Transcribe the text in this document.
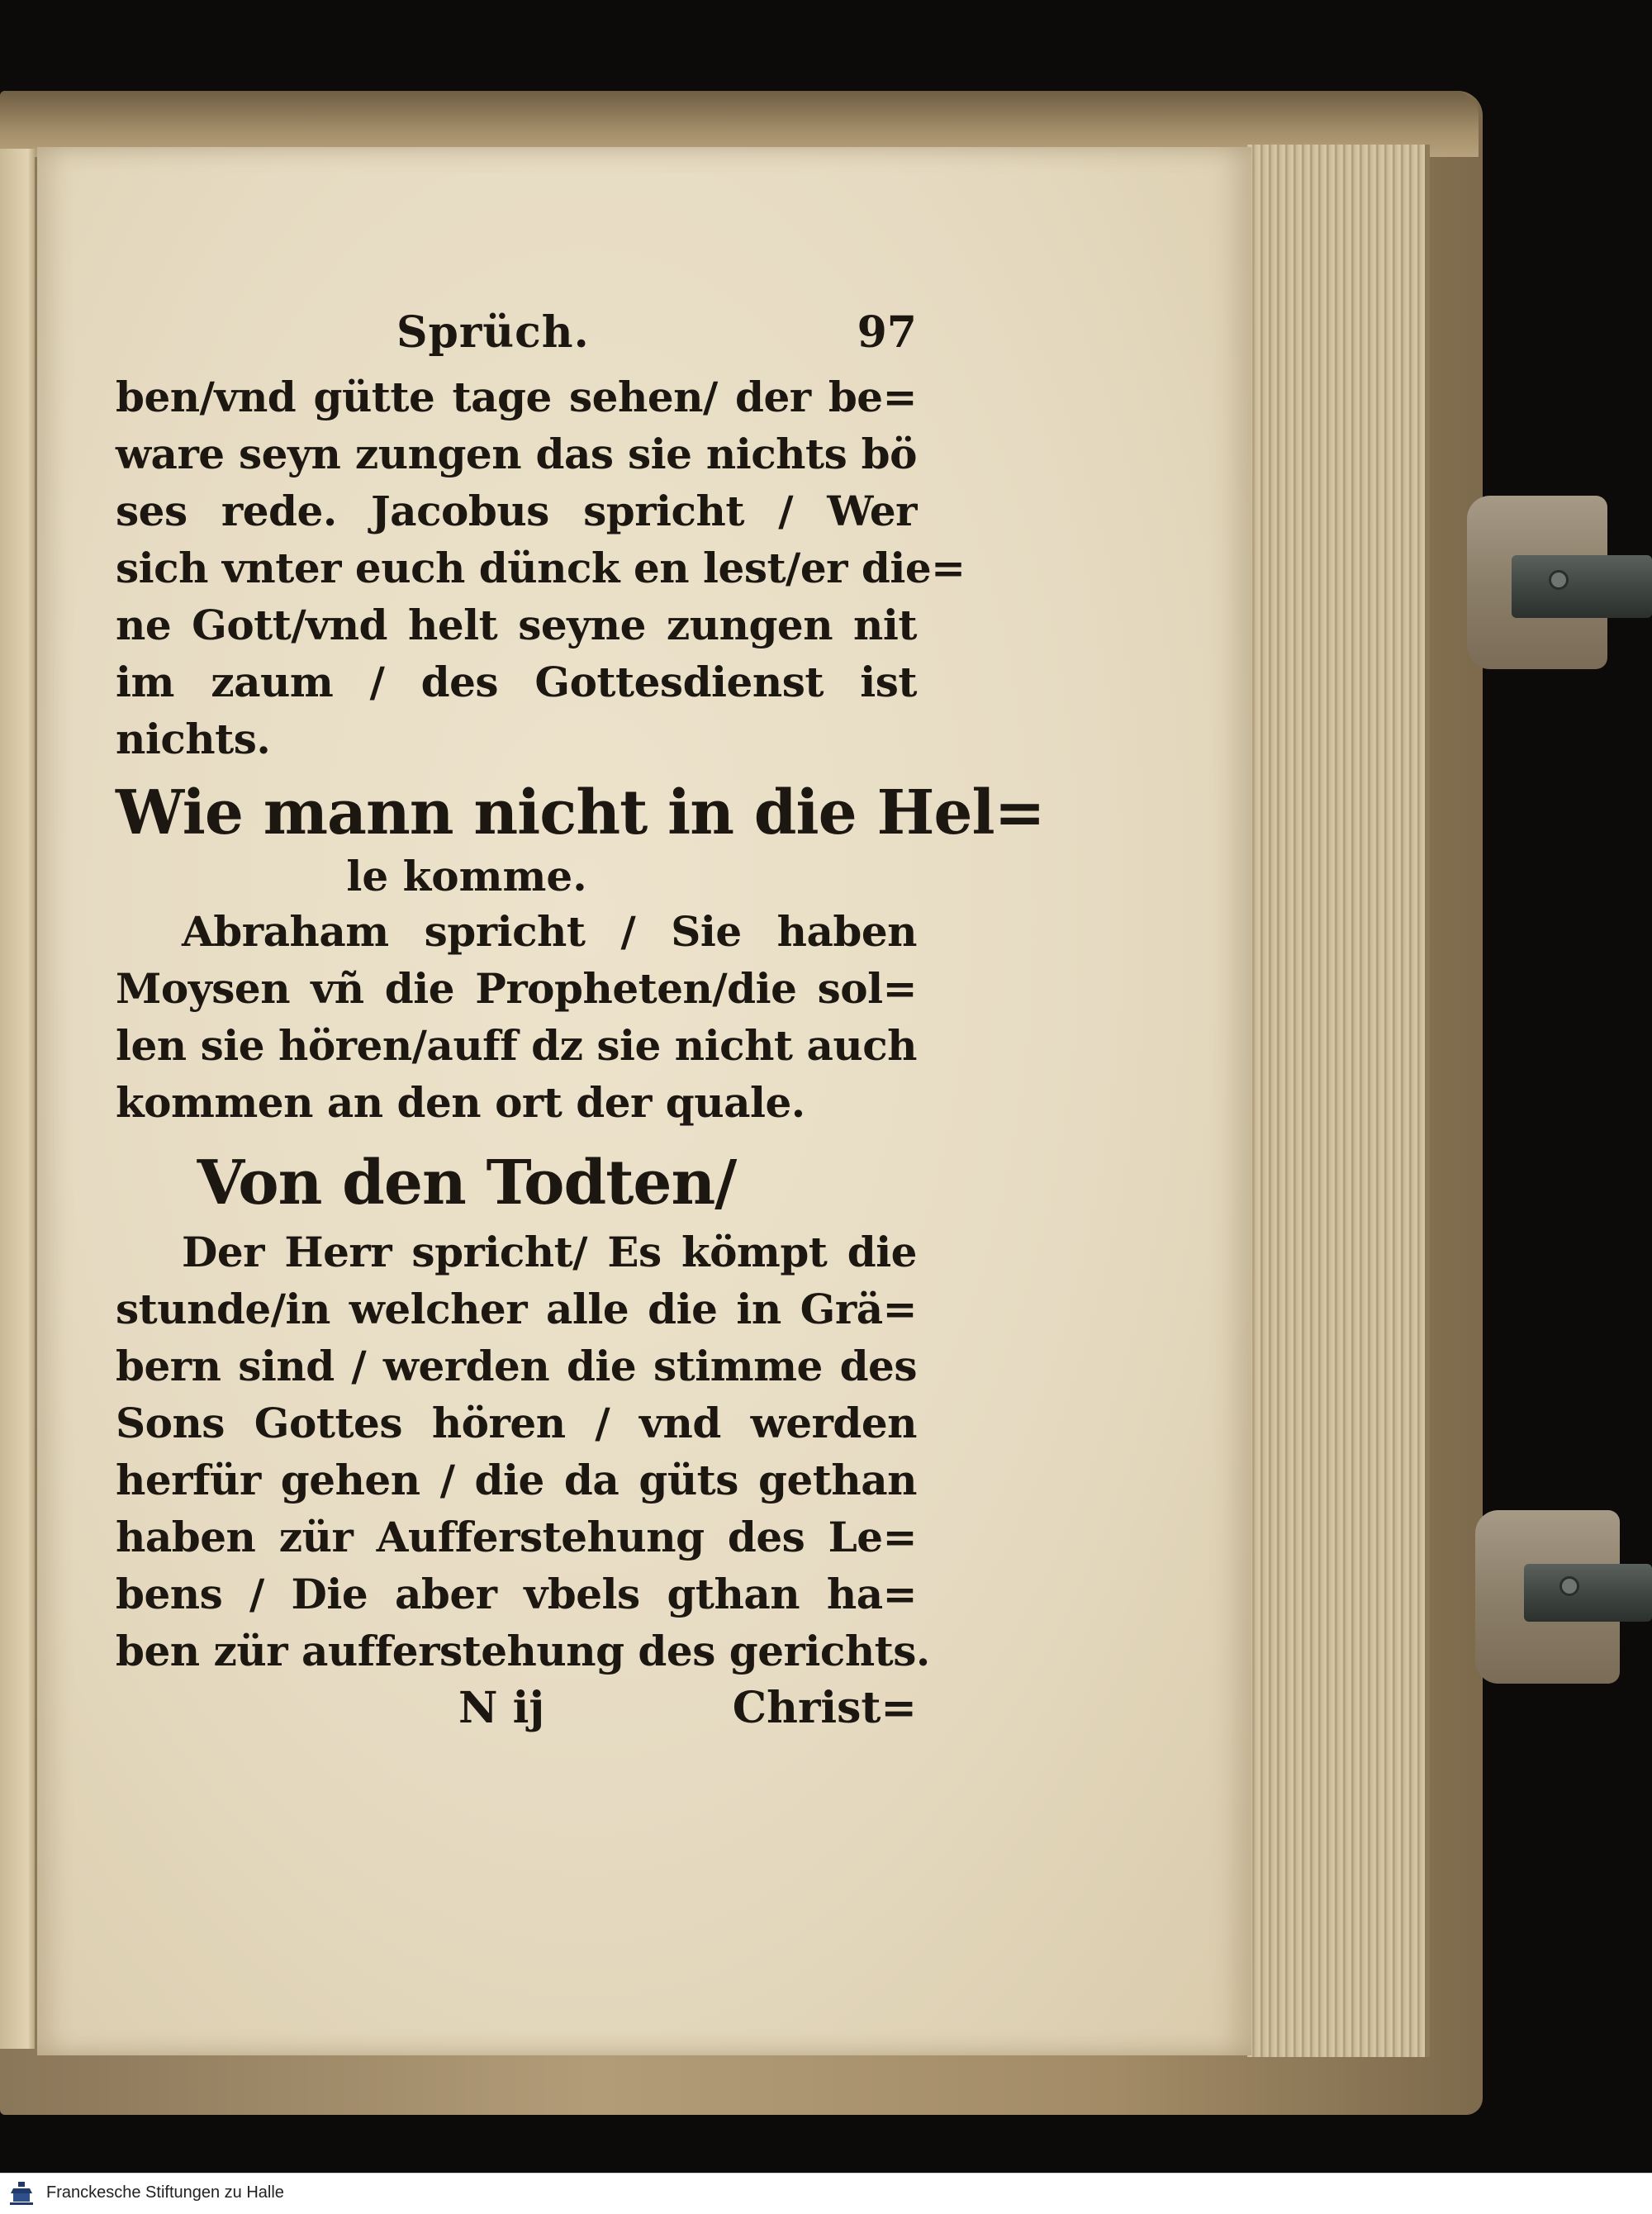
Sprüch.	97
ben/vnd gütte tage sehen/ der be=
ware seyn zungen das sie nichts bö
ses rede. Jacobus spricht / Wer
sich vnter euch dünck en lest/er die=
ne Gott/vnd helt seyne zungen nit
im zaum / des Gottesdienst ist
nichts.
Wie mann nicht in die Hel=
le komme.
Abraham spricht / Sie haben
Moysen vñ die Propheten/die sol=
len sie hören/auff dz sie nicht auch
kommen an den ort der quale.
Von den Todten/
Der Herr spricht/ Es kömpt die
stunde/in welcher alle die in Grä=
bern sind / werden die stimme des
Sons Gottes hören / vnd werden
herfür gehen / die da güts gethan
haben zür Aufferstehung des Le=
bens / Die aber vbels gthan ha=
ben zür aufferstehung des gerichts.
N ij	Christ=
Franckesche Stiftungen zu Halle
